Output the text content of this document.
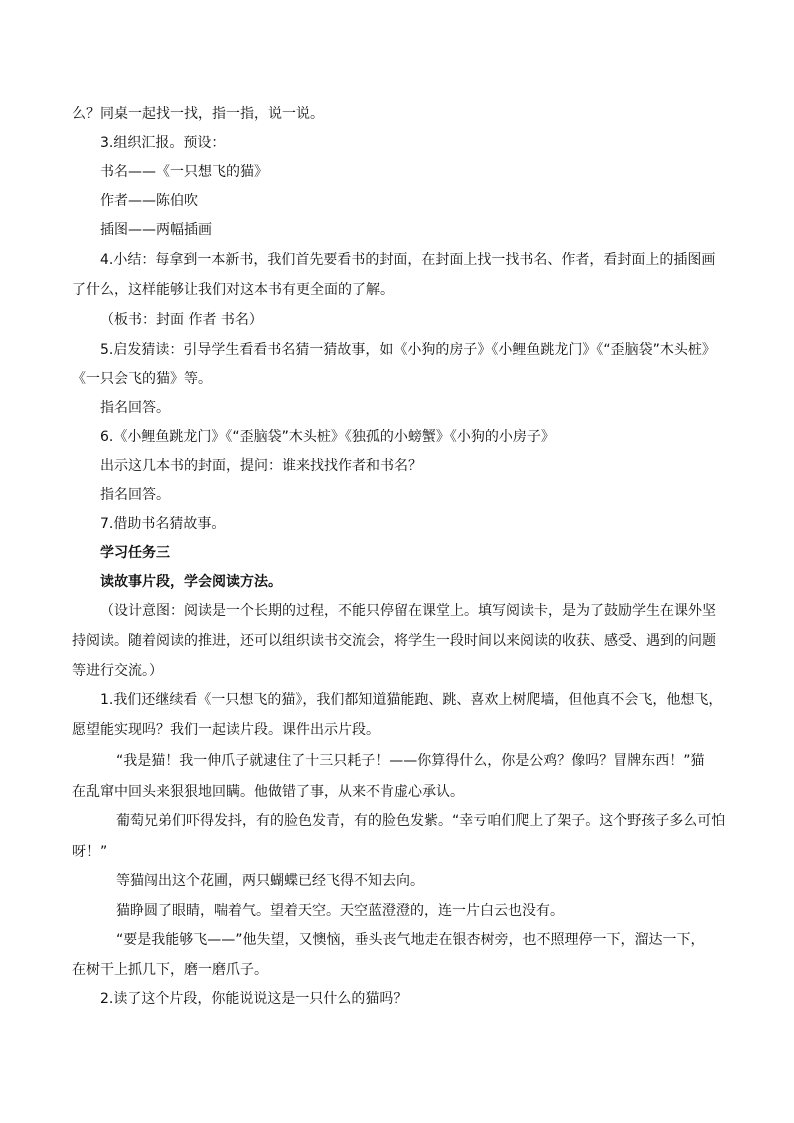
么？同桌一起找一找，指一指，说一说。
3.组织汇报。预设：
书名——《一只想飞的猫》
作者——陈伯吹
插图——两幅插画
4.小结：每拿到一本新书，我们首先要看书的封面，在封面上找一找书名、作者，看封面上的插图画
了什么，这样能够让我们对这本书有更全面的了解。
（板书：封面 作者 书名）
5.启发猜读：引导学生看看书名猜一猜故事，如《小狗的房子》《小鲤鱼跳龙门》《“歪脑袋”木头桩》
《一只会飞的猫》等。
指名回答。
6.《小鲤鱼跳龙门》《“歪脑袋”木头桩》《独孤的小螃蟹》《小狗的小房子》
出示这几本书的封面，提问：谁来找找作者和书名？
指名回答。
7.借助书名猜故事。
学习任务三
读故事片段，学会阅读方法。
（设计意图：阅读是一个长期的过程，不能只停留在课堂上。填写阅读卡，是为了鼓励学生在课外坚
持阅读。随着阅读的推进，还可以组织读书交流会，将学生一段时间以来阅读的收获、感受、遇到的问题
等进行交流。）
1.我们还继续看《一只想飞的猫》，我们都知道猫能跑、跳、喜欢上树爬墙，但他真不会飞，他想飞，
愿望能实现吗？我们一起读片段。课件出示片段。
“我是猫！我一伸爪子就逮住了十三只耗子！——你算得什么，你是公鸡？像吗？冒牌东西！”猫
在乱窜中回头来狠狠地回瞒。他做错了事，从来不肯虚心承认。
葡萄兄弟们吓得发抖，有的脸色发青，有的脸色发紫。“幸亏咱们爬上了架子。这个野孩子多么可怕
呀！”
等猫闯出这个花圃，两只蝴蝶已经飞得不知去向。
猫睁圆了眼睛，喘着气。望着天空。天空蓝澄澄的，连一片白云也没有。
“要是我能够飞——”他失望，又懊恼，垂头丧气地走在银杏树旁，也不照理停一下，溜达一下，
在树干上抓几下，磨一磨爪子。
2.读了这个片段，你能说说这是一只什么的猫吗？
